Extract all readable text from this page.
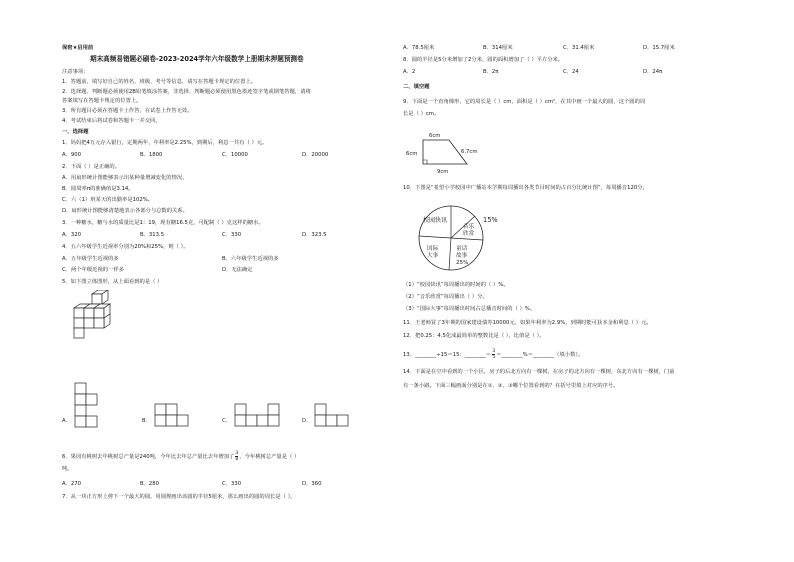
保密★启用前
期末高频易错题必刷卷-2023-2024学年六年级数学上册期末押题预测卷
注意事项：
1．答题前，填写好自己的姓名、班级、考号等信息，请写在答题卡规定的位置上。
2．选择题、判断题必须使用2B铅笔填涂答案，非选择、判断题必须使用黑色墨迹签字笔或钢笔答题，请将
答案填写在答题卡规定的位置上。
3．所有题目必须在答题卡上作答，在试卷上作答无效。
4．考试结束后将试卷和答题卡一并交回。
一、选择题
1．妈妈把4万元存入银行，定期两年，年利率是2.25%，到期后，利息一共有（ ）元。
A．900	B．1800	C．10000	D．20000
2．下面（ ）是正确的。
A．用扇形统计图能够表示出某种量增减变化的情况。
B．圆周率π的准确值是3.14。
C．六（1）班某天的出勤率是102%。
D．扇形统计图能够清楚地表示各部分与总数的关系。
3．一种糖水，糖与水的质量比是1：19，现有糖16.5克，可配制（ ）克这样的糖水。
A．320	B．313.5	C．330	D．323.5
4．五六年级学生近视率分别为20%和25%，则（ ）。
A．五年级学生近视的多	B．六年级学生近视的多
C．两个年级近视的一样多	D．无法确定
5．如下图立体图形，从上面看到的是（ ）
A．	B．	C．	D．
6．果园有桃树去年桃树总产量是240吨，今年比去年总产量比去年增加了 $\frac{3}{8}$ ，今年桃树总产量是（ ）
吨。
A．270	B．280	C．330	D．360
7．从一块正方形上剪下一个最大的圆，用圆规画出该圆的半径5厘米，那么画出的圆的周长是（ ）。
A．78.5厘米	B．314厘米	C．31.4厘米	D．15.7厘米
8．圆的半径是5分米增加了2分米，圆的面积增加了（ ）平方分米。
A．2	B．2π	C．24	D．24π
二、填空题
9．下面是一个直角梯形，它的周长是（ ）cm，面积是（ ）cm²，在其中画一个最大的圆，这个圆的周
长是（ ）cm。
6cm
6cm	6.7cm
9cm
10．下图是“希望小学校园中广播站本学期每周播出各类节目时间的占百分比统计图”，每周播音120分。
校园快讯	15%
音乐
欣赏
童话
故事
25%
国际
大事
（1）“校园快讯”每周播出的时间的（ ）%。
（2）“音乐欣赏”每周播出（ ）分。
（3）“国际大事”每周播出时间占总播音时间的（ ）%。
11．王老师買了3年期的国家建设债券10000元，如果年利率为2.9%，到期时能可获本金和利息（ ）元。
12．把0.25：4.5化成最简单的整数比是（ ），比值是（ ）。
13．________÷15＝15：________＝ $\frac{3}{5}$ ＝________%＝________（填小数）。
14．下面是在空中看到的一个小区，房子的后北方向有一棵树，在房子的北方向有一棵树，东北方向有一棵树，门前
有一条小路。下面三幅画面分别是在①、②、③哪个位置看到的？在括号里填上对应的序号。
